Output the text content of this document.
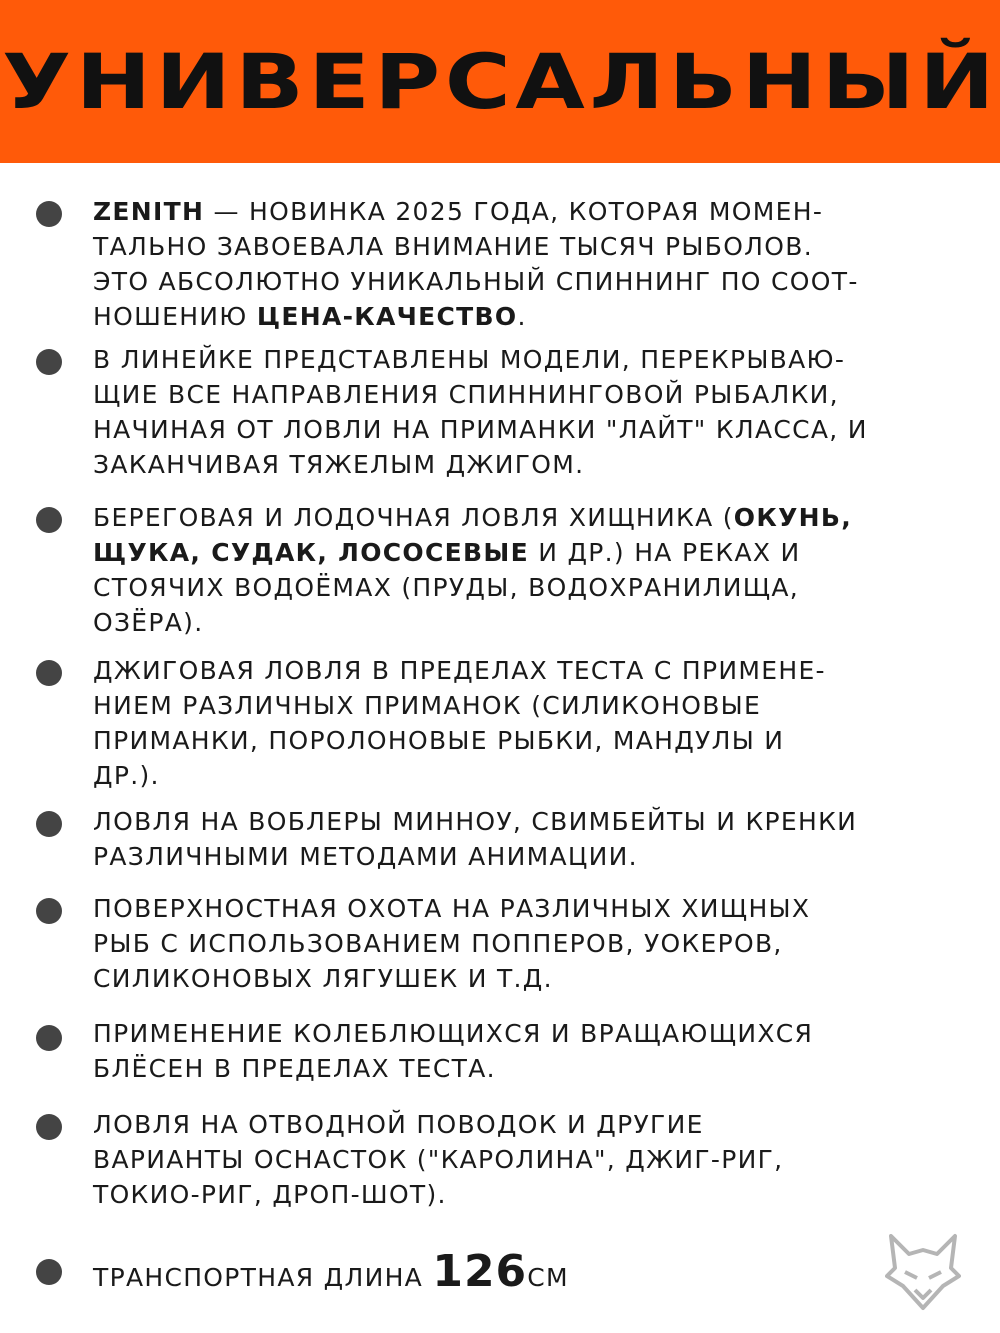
УНИВЕРСАЛЬНЫЙ
ZENITH — НОВИНКА 2025 ГОДА, КОТОРАЯ МОМЕН-
ТАЛЬНО ЗАВОЕВАЛА ВНИМАНИЕ ТЫСЯЧ РЫБОЛОВ.
ЭТО АБСОЛЮТНО УНИКАЛЬНЫЙ СПИННИНГ ПО СООТ-
НОШЕНИЮ ЦЕНА-КАЧЕСТВО.
В ЛИНЕЙКЕ ПРЕДСТАВЛЕНЫ МОДЕЛИ, ПЕРЕКРЫВАЮ-
ЩИЕ ВСЕ НАПРАВЛЕНИЯ СПИННИНГОВОЙ РЫБАЛКИ,
НАЧИНАЯ ОТ ЛОВЛИ НА ПРИМАНКИ "ЛАЙТ" КЛАССА, И
ЗАКАНЧИВАЯ ТЯЖЕЛЫМ ДЖИГОМ.
БЕРЕГОВАЯ И ЛОДОЧНАЯ ЛОВЛЯ ХИЩНИКА (ОКУНЬ,
ЩУКА, СУДАК, ЛОСОСЕВЫЕ И ДР.) НА РЕКАХ И
СТОЯЧИХ ВОДОЁМАХ (ПРУДЫ, ВОДОХРАНИЛИЩА,
ОЗЁРА).
ДЖИГОВАЯ ЛОВЛЯ В ПРЕДЕЛАХ ТЕСТА С ПРИМЕНЕ-
НИЕМ РАЗЛИЧНЫХ ПРИМАНОК (СИЛИКОНОВЫЕ
ПРИМАНКИ, ПОРОЛОНОВЫЕ РЫБКИ, МАНДУЛЫ И
ДР.).
ЛОВЛЯ НА ВОБЛЕРЫ МИННОУ, СВИМБЕЙТЫ И КРЕНКИ
РАЗЛИЧНЫМИ МЕТОДАМИ АНИМАЦИИ.
ПОВЕРХНОСТНАЯ ОХОТА НА РАЗЛИЧНЫХ ХИЩНЫХ
РЫБ С ИСПОЛЬЗОВАНИЕМ ПОППЕРОВ, УОКЕРОВ,
СИЛИКОНОВЫХ ЛЯГУШЕК И Т.Д.
ПРИМЕНЕНИЕ КОЛЕБЛЮЩИХСЯ И ВРАЩАЮЩИХСЯ
БЛЁСЕН В ПРЕДЕЛАХ ТЕСТА.
ЛОВЛЯ НА ОТВОДНОЙ ПОВОДОК И ДРУГИЕ
ВАРИАНТЫ ОСНАСТОК ("КАРОЛИНА", ДЖИГ-РИГ,
ТОКИО-РИГ, ДРОП-ШОТ).
ТРАНСПОРТНАЯ ДЛИНА 126СМ
